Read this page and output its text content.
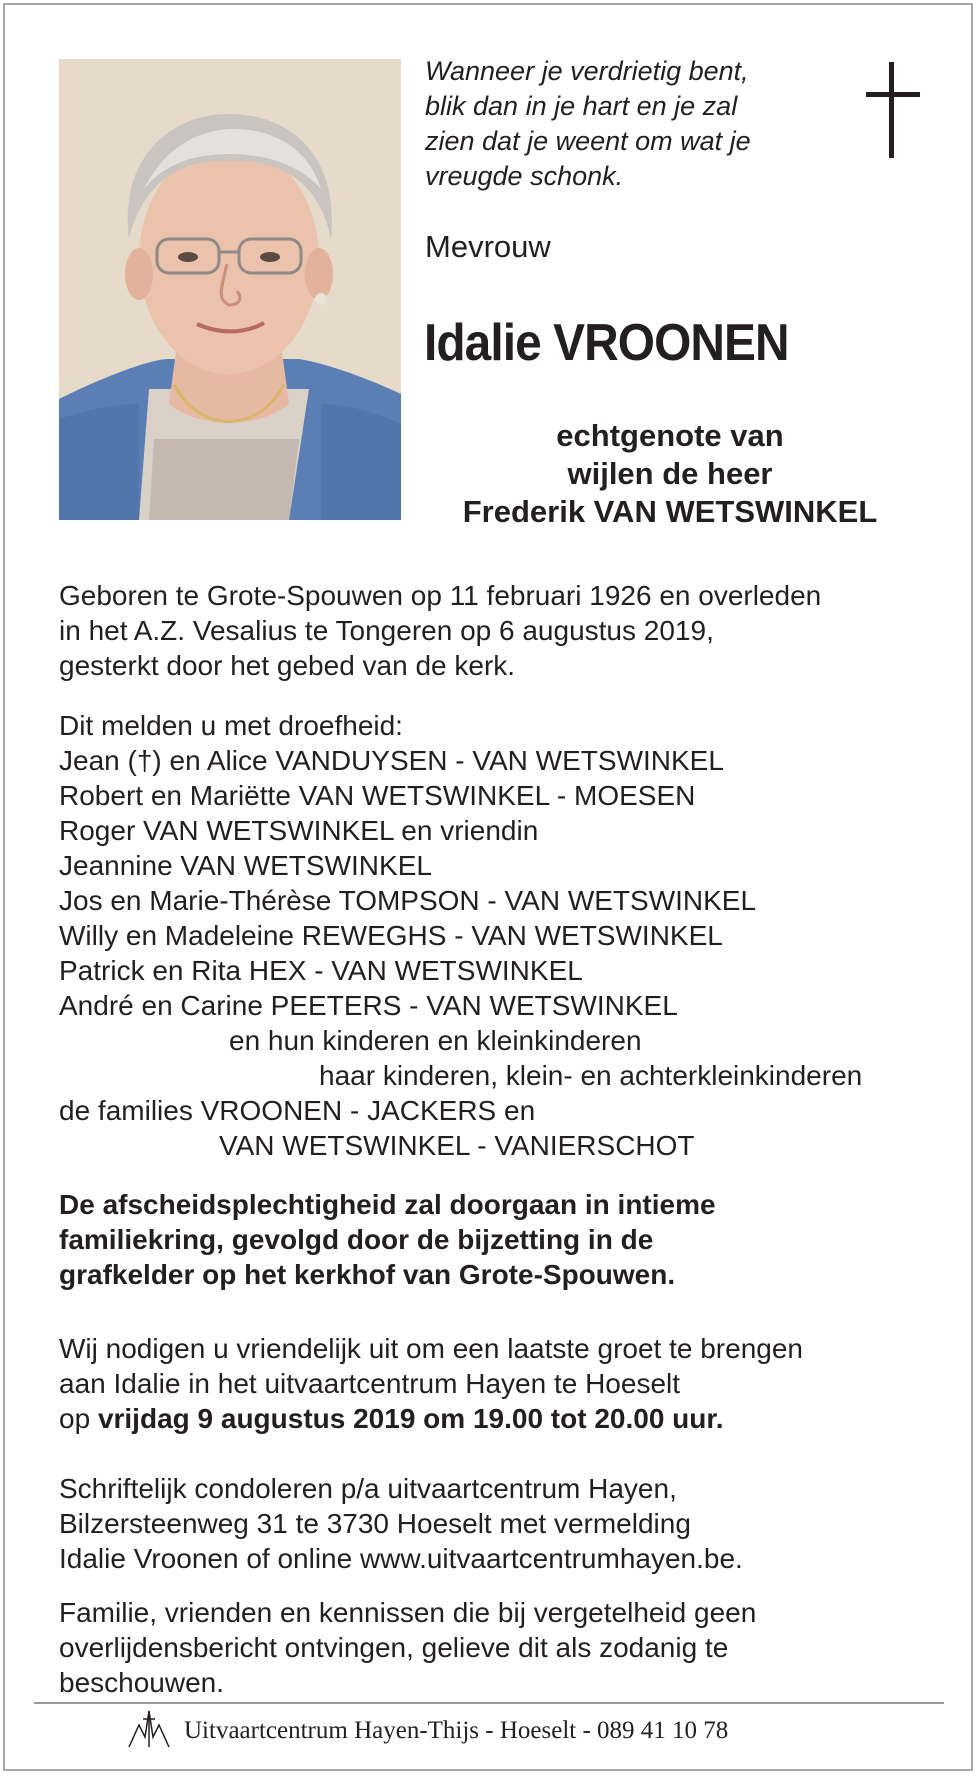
Wanneer je verdrietig bent,
blik dan in je hart en je zal
zien dat je weent om wat je
vreugde schonk.
Mevrouw
Idalie VROONEN
echtgenote van
wijlen de heer
Frederik VAN WETSWINKEL
Geboren te Grote-Spouwen op 11 februari 1926 en overleden
in het A.Z. Vesalius te Tongeren op 6 augustus 2019,
gesterkt door het gebed van de kerk.
Dit melden u met droefheid:
Jean (†) en Alice VANDUYSEN - VAN WETSWINKEL
Robert en Mariëtte VAN WETSWINKEL - MOESEN
Roger VAN WETSWINKEL en vriendin
Jeannine VAN WETSWINKEL
Jos en Marie-Thérèse TOMPSON - VAN WETSWINKEL
Willy en Madeleine REWEGHS - VAN WETSWINKEL
Patrick en Rita HEX - VAN WETSWINKEL
André en Carine PEETERS - VAN WETSWINKEL
en hun kinderen en kleinkinderen
haar kinderen, klein- en achterkleinkinderen
de families VROONEN - JACKERS en
VAN WETSWINKEL - VANIERSCHOT
De afscheidsplechtigheid zal doorgaan in intieme
familiekring, gevolgd door de bijzetting in de
grafkelder op het kerkhof van Grote-Spouwen.
Wij nodigen u vriendelijk uit om een laatste groet te brengen
aan Idalie in het uitvaartcentrum Hayen te Hoeselt
op vrijdag 9 augustus 2019 om 19.00 tot 20.00 uur.
Schriftelijk condoleren p/a uitvaartcentrum Hayen,
Bilzersteenweg 31 te 3730 Hoeselt met vermelding
Idalie Vroonen of online www.uitvaartcentrumhayen.be.
Familie, vrienden en kennissen die bij vergetelheid geen
overlijdensbericht ontvingen, gelieve dit als zodanig te
beschouwen.
Uitvaartcentrum Hayen-Thijs - Hoeselt - 089 41 10 78
